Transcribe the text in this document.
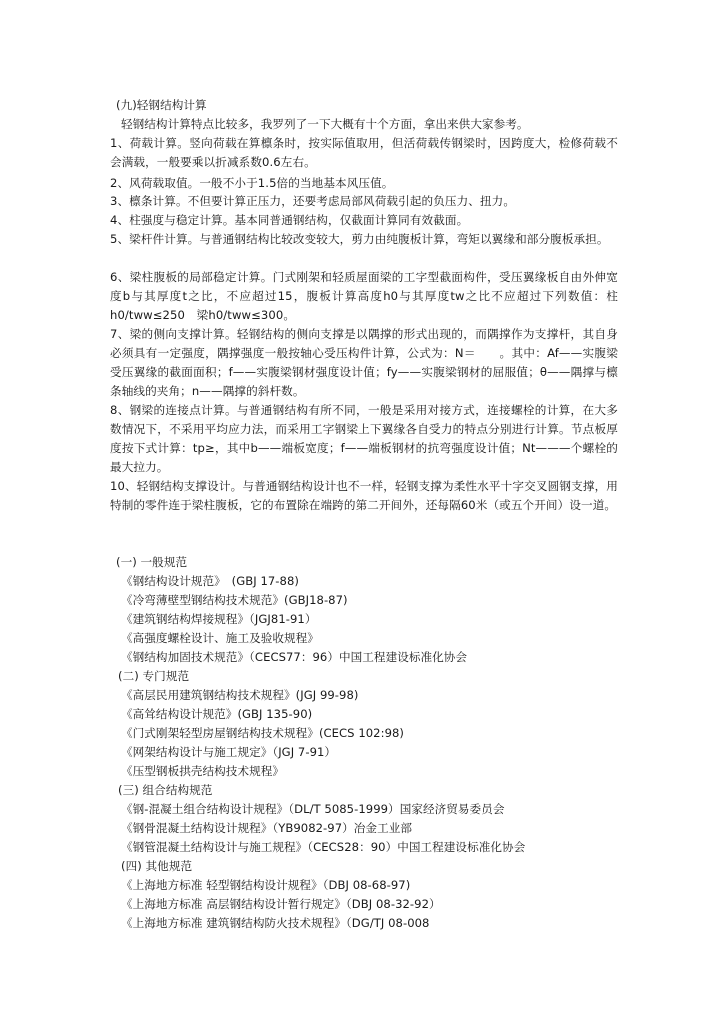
(九)轻钢结构计算
轻钢结构计算特点比较多，我罗列了一下大概有十个方面，拿出来供大家参考。
1、荷载计算。竖向荷载在算檩条时，按实际值取用，但活荷载传钢梁时，因跨度大，检修荷载不会满载，一般要乘以折减系数0.6左右。
2、风荷载取值。一般不小于1.5倍的当地基本风压值。
3、檩条计算。不但要计算正压力，还要考虑局部风荷载引起的负压力、扭力。
4、柱强度与稳定计算。基本同普通钢结构，仅截面计算同有效截面。
5、梁杆件计算。与普通钢结构比较改变较大，剪力由纯腹板计算，弯矩以翼缘和部分腹板承担。
6、梁柱腹板的局部稳定计算。门式刚架和轻质屋面梁的工字型截面构件，受压翼缘板自由外伸宽度b与其厚度t之比，不应超过15，腹板计算高度h0与其厚度tw之比不应超过下列数值：柱h0/tww≤250　梁h0/tww≤300。
7、梁的侧向支撑计算。轻钢结构的侧向支撑是以隅撑的形式出现的，而隅撑作为支撑杆，其自身必须具有一定强度，隅撑强度一般按轴心受压构件计算，公式为：N＝　　。其中：Af——实腹梁受压翼缘的截面面积；f——实腹梁钢材强度设计值；fy——实腹梁钢材的屈服值；θ——隅撑与檩条轴线的夹角；n——隅撑的斜杆数。
8、钢梁的连接点计算。与普通钢结构有所不同，一般是采用对接方式，连接螺栓的计算，在大多数情况下，不采用平均应力法，而采用工字钢梁上下翼缘各自受力的特点分别进行计算。节点板厚度按下式计算：tp≥，其中b——端板宽度；f——端板钢材的抗弯强度设计值；Nt———个螺栓的最大拉力。
10、轻钢结构支撑设计。与普通钢结构设计也不一样，轻钢支撑为柔性水平十字交叉圆钢支撑，用特制的零件连于梁柱腹板，它的布置除在端跨的第二开间外，还每隔60米（或五个开间）设一道。
(一) 一般规范
《钢结构设计规范》　(GBJ 17-88)
《冷弯薄壁型钢结构技术规范》(GBJ18-87)
《建筑钢结构焊接规程》（JGJ81-91）
《高强度螺栓设计、施工及验收规程》
《钢结构加固技术规范》（CECS77：96）中国工程建设标准化协会
(二) 专门规范
《高层民用建筑钢结构技术规程》(JGJ 99-98)
《高耸结构设计规范》(GBJ 135-90)
《门式刚架轻型房屋钢结构技术规程》(CECS 102:98)
《网架结构设计与施工规定》（JGJ 7-91）
《压型钢板拱壳结构技术规程》
(三) 组合结构规范
《钢-混凝土组合结构设计规程》（DL/T 5085-1999）国家经济贸易委员会
《钢骨混凝土结构设计规程》（YB9082-97）冶金工业部
《钢管混凝土结构设计与施工规程》（CECS28：90）中国工程建设标准化协会
(四) 其他规范
《上海地方标准 轻型钢结构设计规程》（DBJ 08-68-97)
《上海地方标准 高层钢结构设计暂行规定》（DBJ 08-32-92）
《上海地方标准 建筑钢结构防火技术规程》（DG/TJ 08-008
